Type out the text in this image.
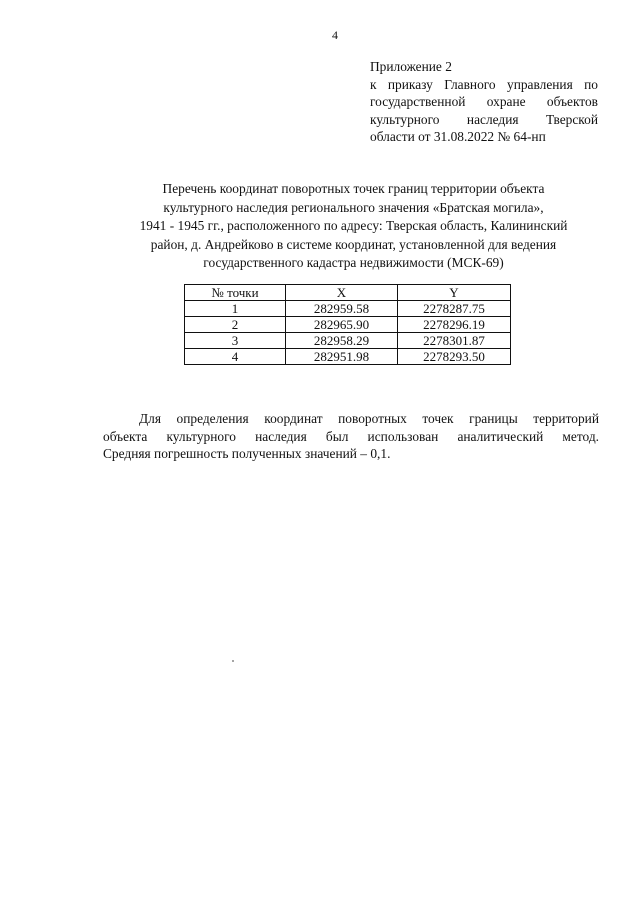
4
Приложение 2
к приказу Главного управления по
государственной охране объектов
культурного наследия Тверской
области от 31.08.2022 № 64-нп
Перечень координат поворотных точек границ территории объекта
культурного наследия регионального значения «Братская могила»,
1941 - 1945 гг., расположенного по адресу: Тверская область, Калининский
район, д. Андрейково в системе координат, установленной для ведения
государственного кадастра недвижимости (МСК-69)
№ точки	X	Y
1	282959.58	2278287.75
2	282965.90	2278296.19
3	282958.29	2278301.87
4	282951.98	2278293.50
Для определения координат поворотных точек границы территорий
объекта культурного наследия был использован аналитический метод.
Средняя погрешность полученных значений – 0,1.
